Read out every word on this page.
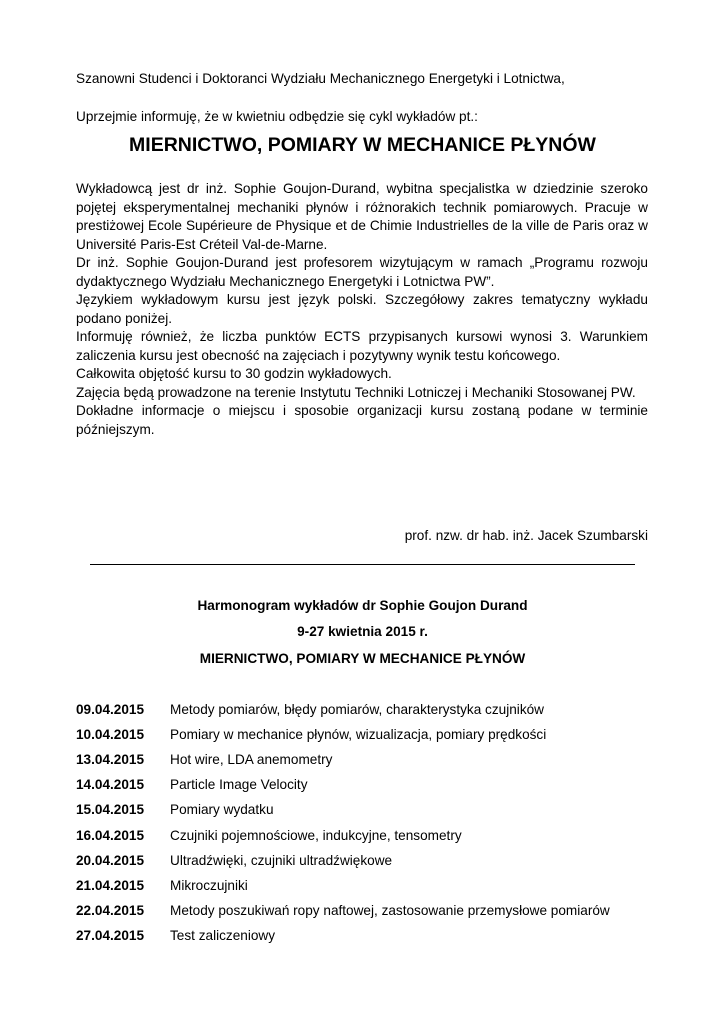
Szanowni Studenci i Doktoranci Wydziału Mechanicznego Energetyki i Lotnictwa,
Uprzejmie informuję, że w kwietniu odbędzie się cykl wykładów pt.:
MIERNICTWO, POMIARY W MECHANICE PŁYNÓW

Wykładowcą jest dr inż. Sophie Goujon-Durand, wybitna specjalistka w dziedzinie szeroko pojętej eksperymentalnej mechaniki płynów i różnorakich technik pomiarowych. Pracuje w prestiżowej Ecole Supérieure de Physique et de Chimie Industrielles de la ville de Paris oraz w Université Paris-Est Créteil Val-de-Marne.

Dr inż. Sophie Goujon-Durand jest profesorem wizytującym w ramach „Programu rozwoju dydaktycznego Wydziału Mechanicznego Energetyki i Lotnictwa PW”.

Językiem wykładowym kursu jest język polski. Szczegółowy zakres tematyczny wykładu podano poniżej.

Informuję również, że liczba punktów ECTS przypisanych kursowi wynosi 3. Warunkiem zaliczenia kursu jest obecność na zajęciach i pozytywny wynik testu końcowego.

Całkowita objętość kursu to 30 godzin wykładowych.

Zajęcia będą prowadzone na terenie Instytutu Techniki Lotniczej i Mechaniki Stosowanej PW.

Dokładne informacje o miejscu i sposobie organizacji kursu zostaną podane w terminie późniejszym.

prof. nzw. dr hab. inż. Jacek Szumbarski
Harmonogram wykładów dr Sophie Goujon Durand
9-27 kwietnia 2015 r.
MIERNICTWO, POMIARY W MECHANICE PŁYNÓW
09.04.2015	Metody pomiarów, błędy pomiarów, charakterystyka czujników
10.04.2015	Pomiary w mechanice płynów, wizualizacja, pomiary prędkości
13.04.2015	Hot wire, LDA anemometry
14.04.2015	Particle Image Velocity
15.04.2015	Pomiary wydatku
16.04.2015	Czujniki pojemnościowe, indukcyjne, tensometry
20.04.2015	Ultradźwięki, czujniki ultradźwiękowe
21.04.2015	Mikroczujniki
22.04.2015	Metody poszukiwań ropy naftowej, zastosowanie przemysłowe pomiarów
27.04.2015	Test zaliczeniowy
